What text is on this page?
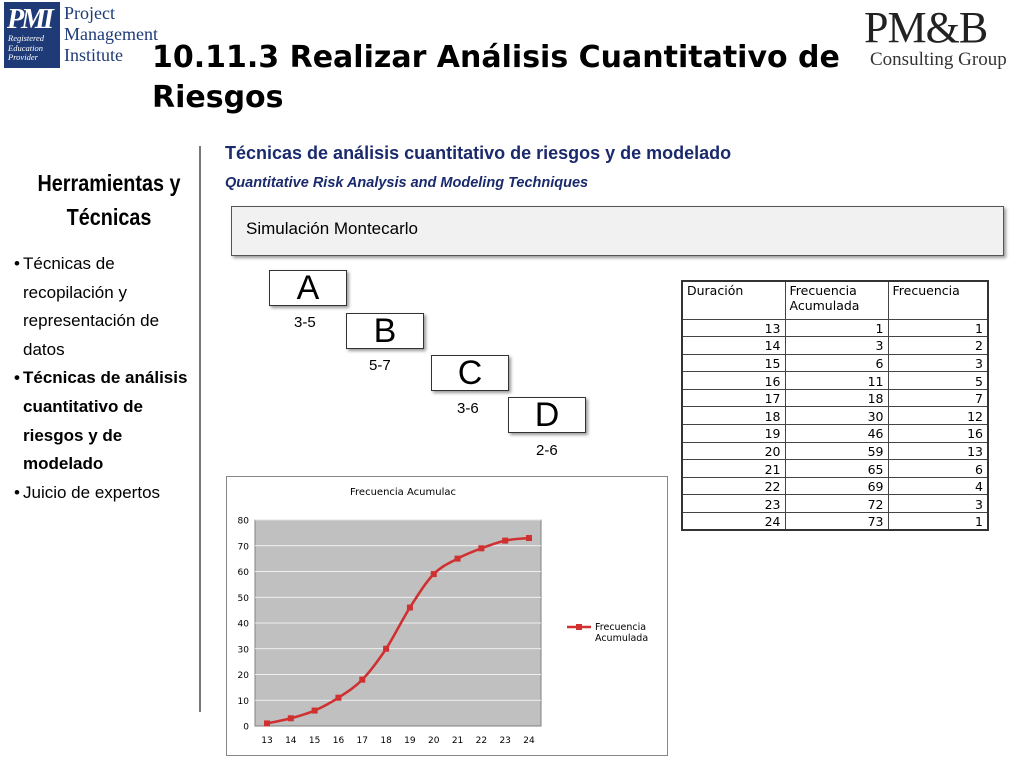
PMI
Registered
Education
Provider
Project
Management
Institute
PM&B
Consulting Group
10.11.3 Realizar Análisis Cuantitativo de Riesgos
Herramientas y Técnicas
• Técnicas de recopilación y representación de datos
• Técnicas de análisis cuantitativo de riesgos y de modelado
• Juicio de expertos
Técnicas de análisis cuantitativo de riesgos y de modelado
Quantitative Risk Analysis and Modeling Techniques
Simulación Montecarlo
A
3-5	B
5-7	C
3-6	D
2-6
Frecuencia Acumulac
0
10
20
30
40
50
60
70
80
13 14 15 16 17 18 19 20 21 22 23 24
Frecuencia
Acumulada
Duración	Frecuencia Acumulada	Frecuencia
13	1	1
14	3	2
15	6	3
16	11	5
17	18	7
18	30	12
19	46	16
20	59	13
21	65	6
22	69	4
23	72	3
24	73	1
